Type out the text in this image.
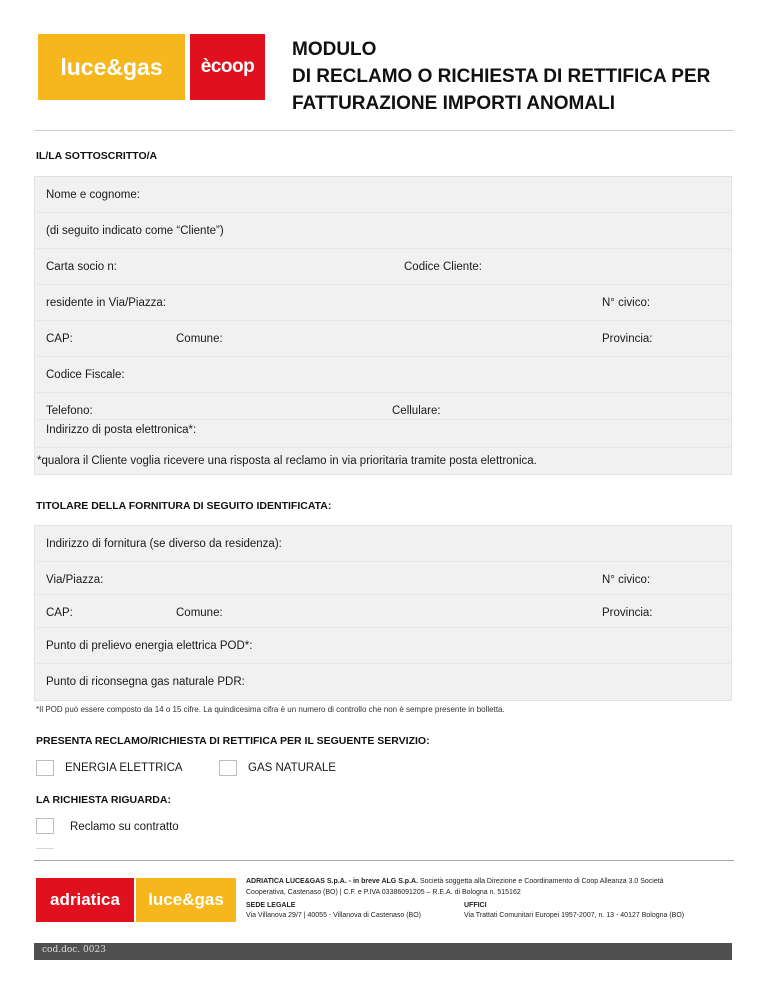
luce&gas	ècoop
MODULO
DI RECLAMO O RICHIESTA DI RETTIFICA PER
FATTURAZIONE IMPORTI ANOMALI
IL/LA SOTTOSCRITTO/A
Nome e cognome:
(di seguito indicato come “Cliente”)
Carta socio n:	Codice Cliente:
residente in Via/Piazza:	N° civico:
CAP:	Comune:	Provincia:
Codice Fiscale:
Telefono:	Cellulare:
Indirizzo di posta elettronica*:
*qualora il Cliente voglia ricevere una risposta al reclamo in via prioritaria tramite posta elettronica.
TITOLARE DELLA FORNITURA DI SEGUITO IDENTIFICATA:
Indirizzo di fornitura (se diverso da residenza):
Via/Piazza:	N° civico:
CAP:	Comune:	Provincia:
Punto di prelievo energia elettrica POD*:
Punto di riconsegna gas naturale PDR:
*Il POD può essere composto da 14 o 15 cifre. La quindicesima cifra è un numero di controllo che non è sempre presente in bolletta.
PRESENTA RECLAMO/RICHIESTA DI RETTIFICA PER IL SEGUENTE SERVIZIO:
ENERGIA ELETTRICA	GAS NATURALE
LA RICHIESTA RIGUARDA:
Reclamo su contratto
adriatica	luce&gas
ADRIATICA LUCE&GAS S.p.A. - in breve ALG S.p.A. Società soggetta alla Direzione e Coordinamento di Coop Alleanza 3.0 Società
Cooperativa, Castenaso (BO) | C.F. e P.IVA 03386091205 – R.E.A. di Bologna n. 515162
SEDE LEGALE
Via Villanova 29/7 | 40055 - Villanova di Castenaso (BO)
UFFICI
Via Trattati Comunitari Europei 1957-2007, n. 13 - 40127 Bologna (BO)
cod.doc. 0023
